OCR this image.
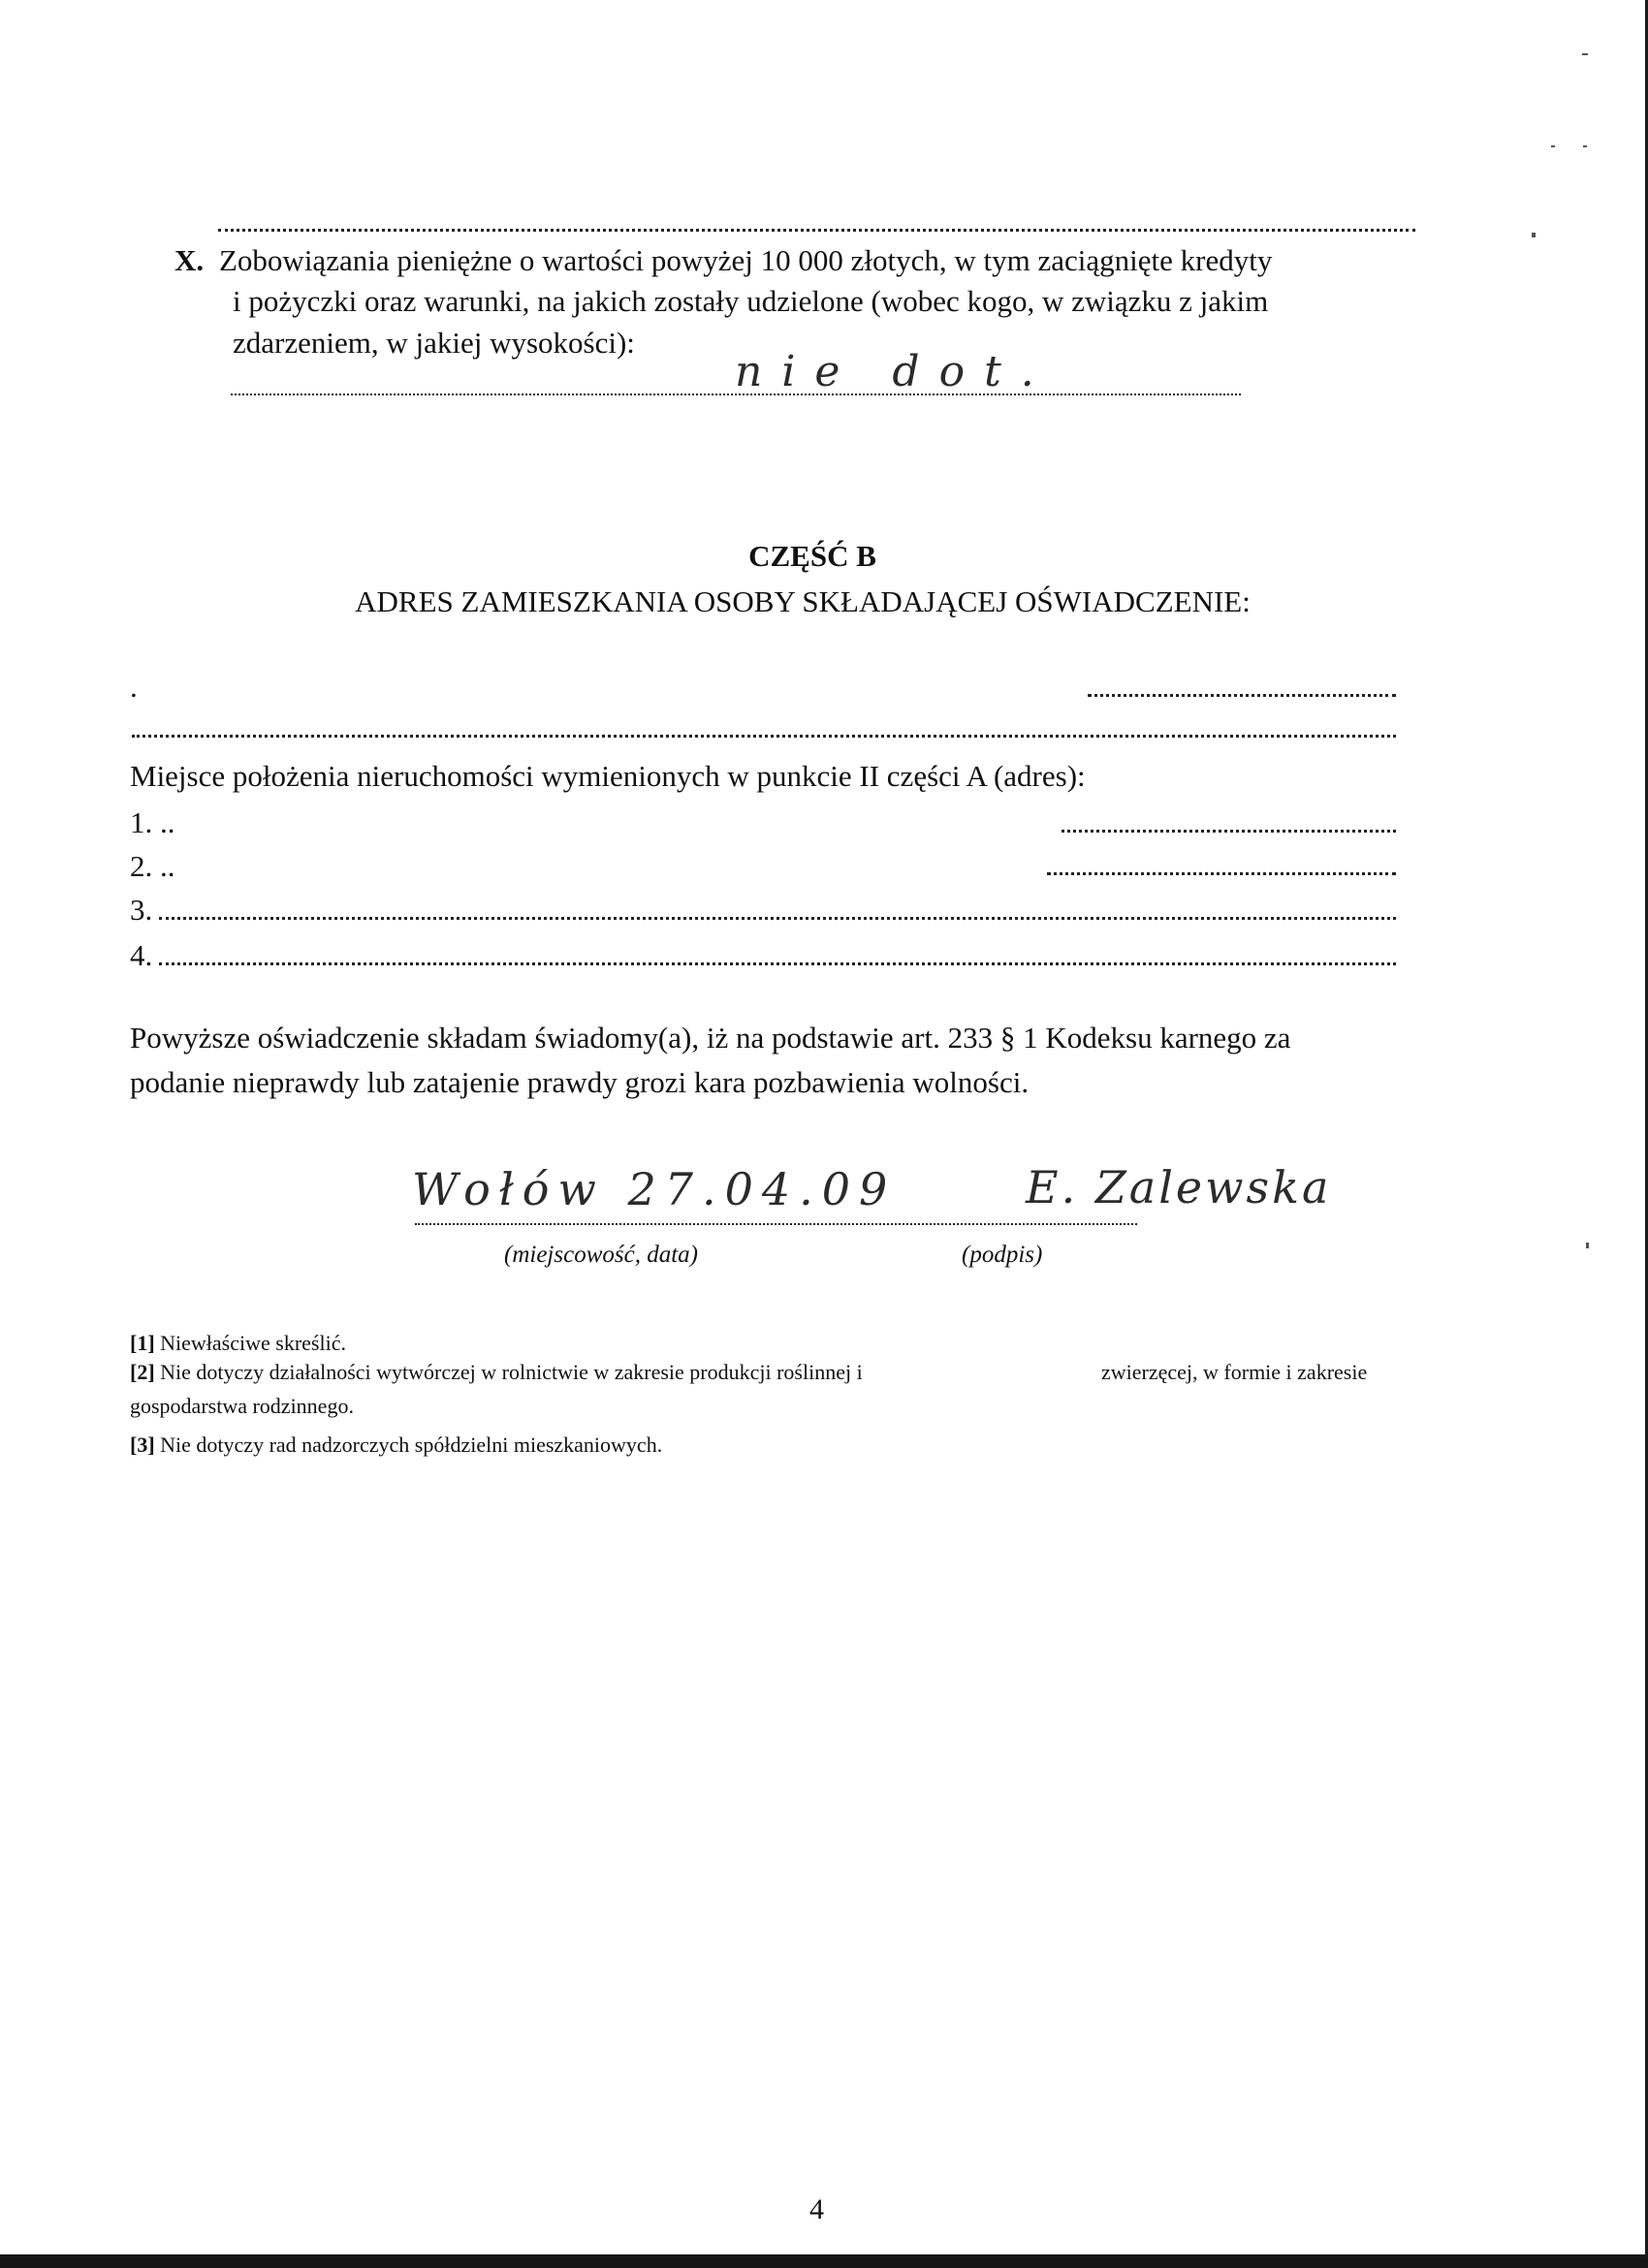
X. Zobowiązania pieniężne o wartości powyżej 10 000 złotych, w tym zaciągnięte kredyty
i pożyczki oraz warunki, na jakich zostały udzielone (wobec kogo, w związku z jakim
zdarzeniem, w jakiej wysokości):
nie dot.
CZĘŚĆ B
ADRES ZAMIESZKANIA OSOBY SKŁADAJĄCEJ OŚWIADCZENIE:
.
Miejsce położenia nieruchomości wymienionych w punkcie II części A (adres):
1. ..
2. ..
3.
4.
Powyższe oświadczenie składam świadomy(a), iż na podstawie art. 233 § 1 Kodeksu karnego za
podanie nieprawdy lub zatajenie prawdy grozi kara pozbawienia wolności.
Wołów 27.04.09	E. Zalewska
(miejscowość, data)	(podpis)
[1] Niewłaściwe skreślić.
[2] Nie dotyczy działalności wytwórczej w rolnictwie w zakresie produkcji roślinnej i	zwierzęcej, w formie i zakresie
gospodarstwa rodzinnego.
[3] Nie dotyczy rad nadzorczych spółdzielni mieszkaniowych.
4
